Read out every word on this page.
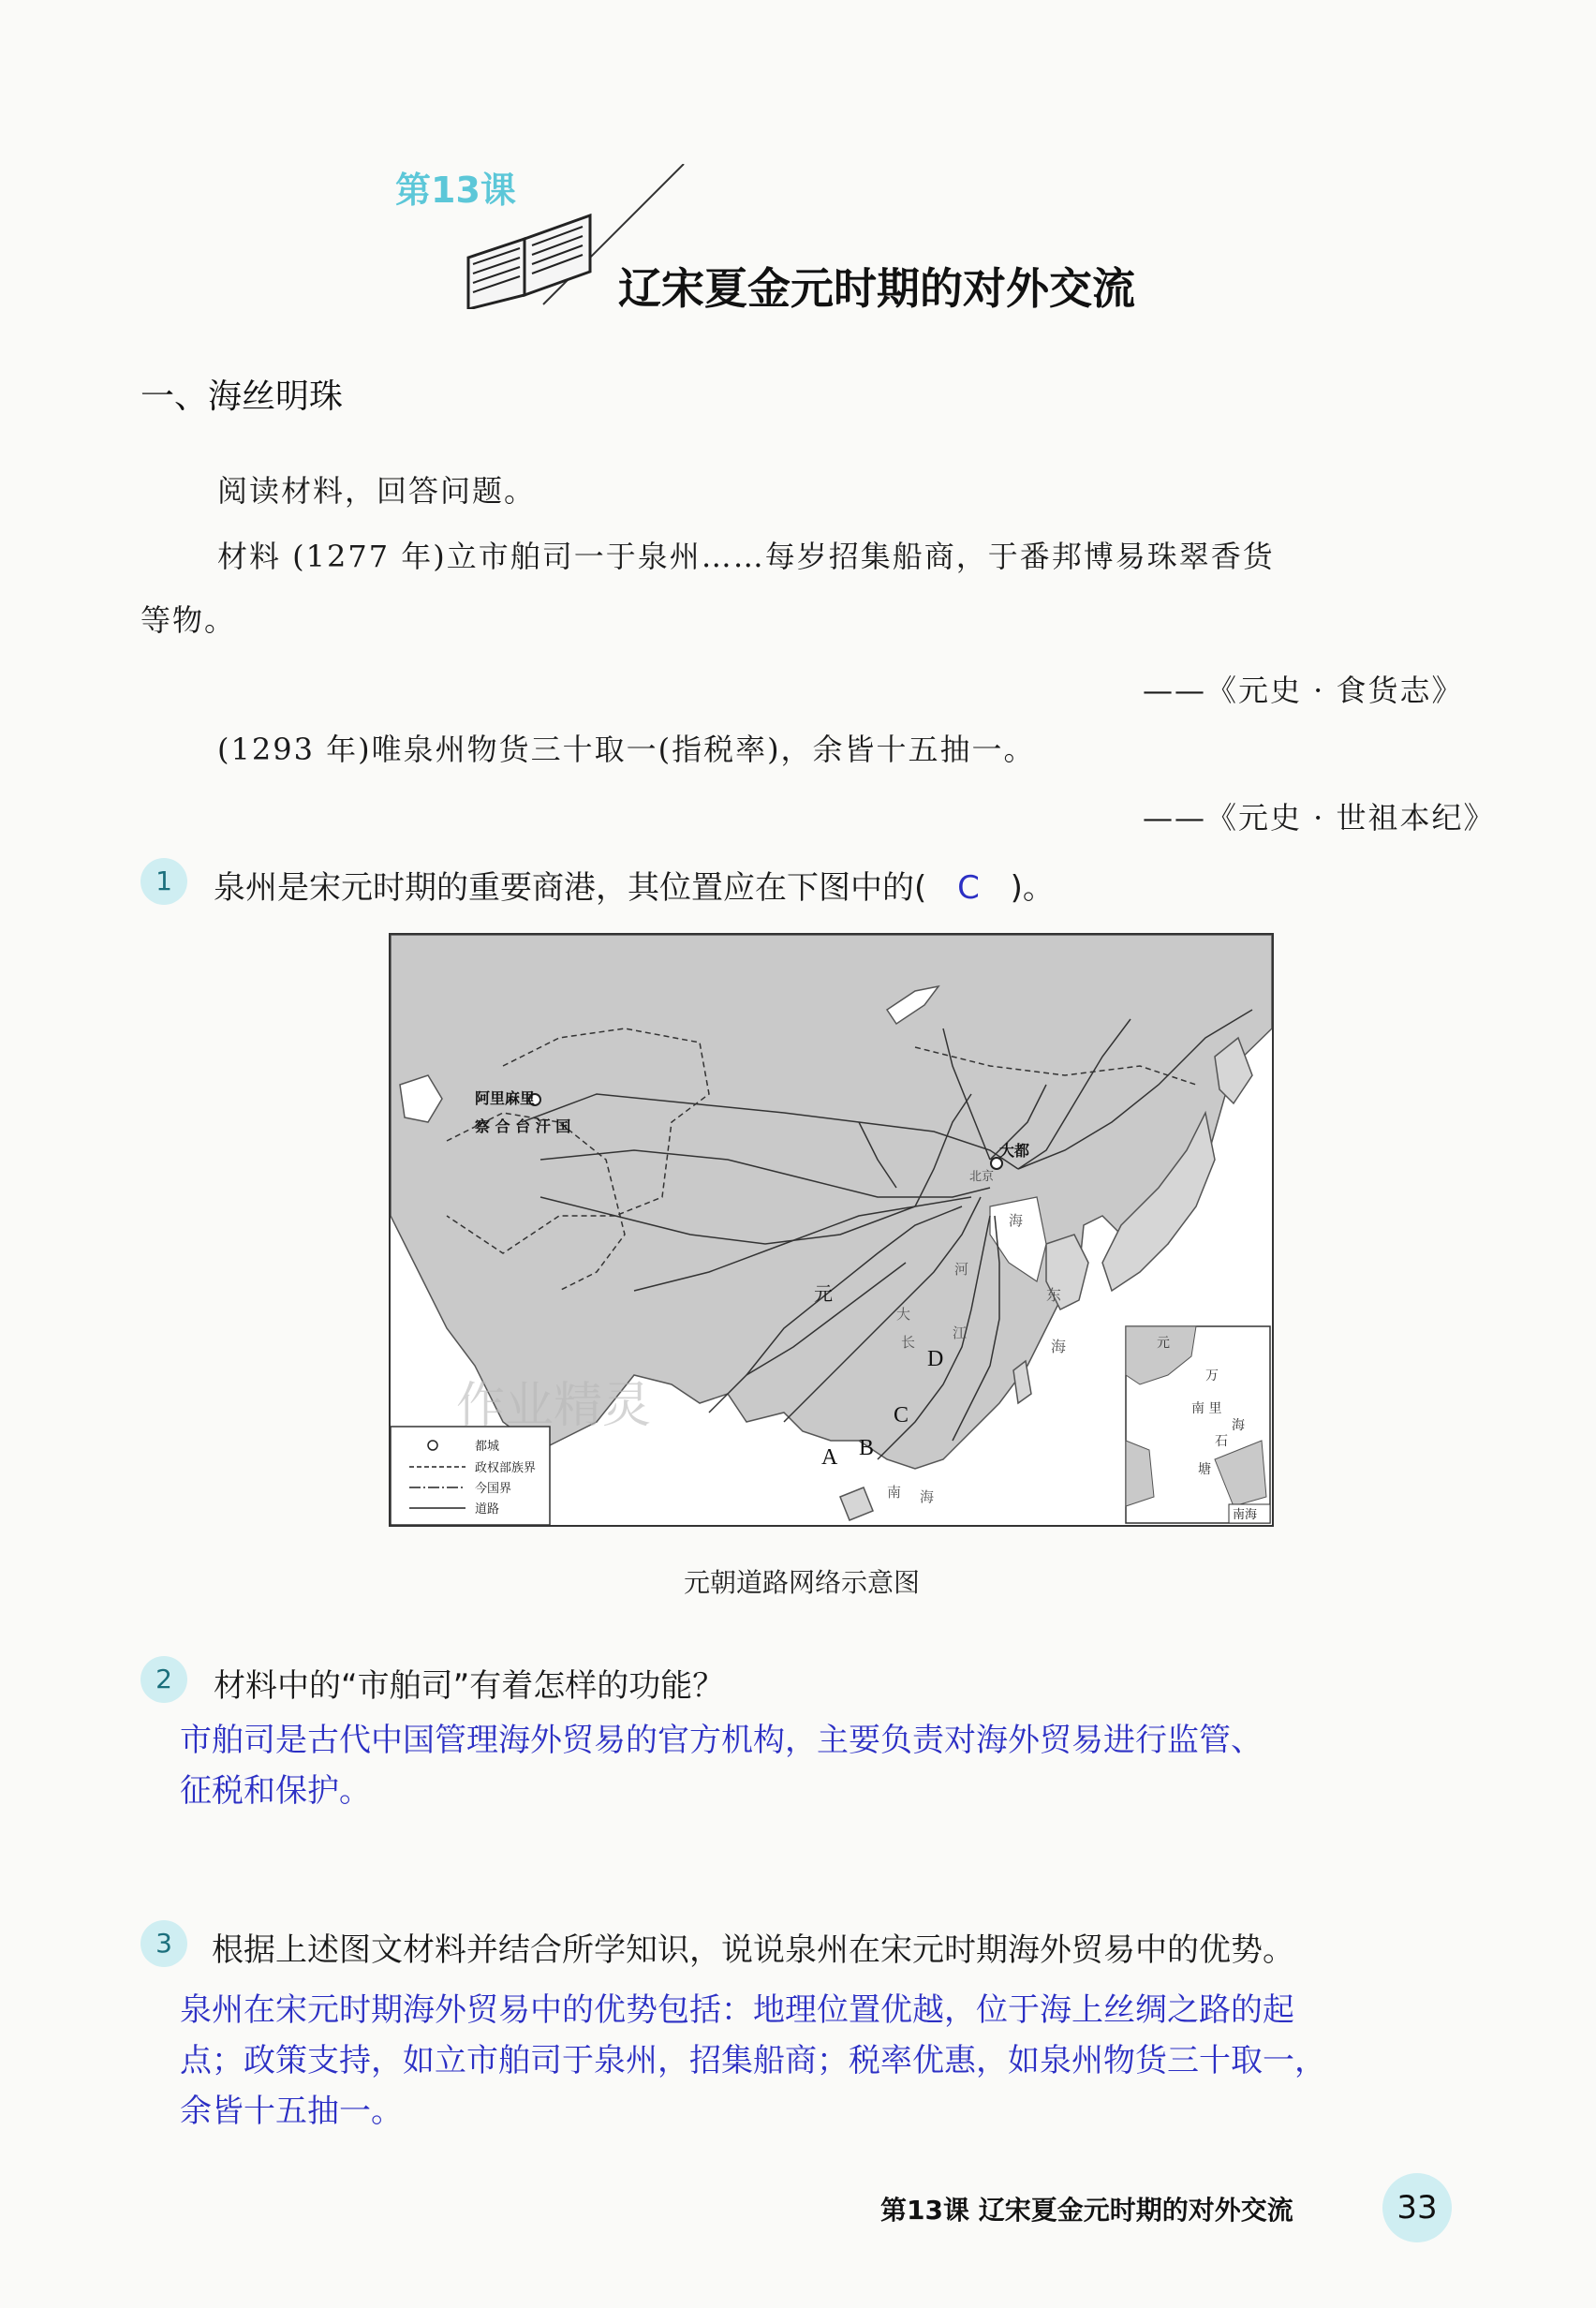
第13课
辽宋夏金元时期的对外交流
一、海丝明珠
阅读材料，回答问题。
材料 (1277 年)立市舶司一于泉州……每岁招集船商，于番邦博易珠翠香货
等物。
——《元史 · 食货志》
(1293 年)唯泉州物货三十取一(指税率)，余皆十五抽一。
——《元史 · 世祖本纪》
1	泉州是宋元时期的重要商港，其位置应在下图中的( C )。
阿里麻里
察 合 台 汗 国
大都
北京
元
海
东
海
大
长
江
河
南 海
A B
C
D
元
万
南 里
海
石
塘
南海
都城
政权部族界
今国界
道路
作业精灵
元朝道路网络示意图
2	材料中的“市舶司”有着怎样的功能？
市舶司是古代中国管理海外贸易的官方机构，主要负责对海外贸易进行监管、
征税和保护。
3	根据上述图文材料并结合所学知识，说说泉州在宋元时期海外贸易中的优势。
泉州在宋元时期海外贸易中的优势包括：地理位置优越，位于海上丝绸之路的起
点；政策支持，如立市舶司于泉州，招集船商；税率优惠，如泉州物货三十取一，
余皆十五抽一。
第13课 辽宋夏金元时期的对外交流	33
